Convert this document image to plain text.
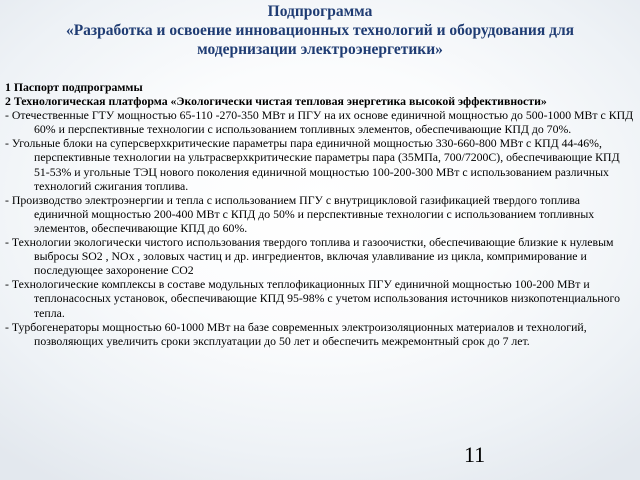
Подпрограмма
«Разработка и освоение инновационных технологий и оборудования для
модернизации электроэнергетики»
1 Паспорт подпрограммы
2 Технологическая платформа «Экологически чистая тепловая энергетика высокой эффективности»
- Отечественные ГТУ мощностью 65-110 -270-350 МВт и ПГУ на их основе единичной мощностью до 500-1000 МВт с КПД 60% и перспективные технологии с использованием топливных элементов, обеспечивающие КПД до 70%.
- Угольные блоки на суперсверхкритические параметры пара единичной мощностью 330-660-800 МВт с КПД 44-46%, перспективные технологии на ультрасверхкритические параметры пара (35МПа, 700/7200С), обеспечивающие КПД 51-53% и угольные ТЭЦ нового поколения единичной мощностью 100-200-300 МВт с использованием различных технологий сжигания топлива.
- Производство электроэнергии и тепла с использованием ПГУ с внутрицикловой газификацией твердого топлива единичной мощностью 200-400 МВт с КПД до 50% и перспективные технологии с использованием топливных элементов, обеспечивающие КПД до 60%.
- Технологии экологически чистого использования твердого топлива и газоочистки, обеспечивающие близкие к нулевым выбросы SO2 , NOx , золовых частиц и др. ингредиентов, включая улавливание из цикла, компримирование и последующее захоронение CO2
- Технологические комплексы в составе модульных теплофикационных ПГУ единичной мощностью 100-200 МВт и теплонасосных установок, обеспечивающие КПД 95-98% с учетом использования источников низкопотенциального тепла.
- Турбогенераторы мощностью 60-1000 МВт на базе современных электроизоляционных материалов и технологий, позволяющих увеличить сроки эксплуатации до 50 лет и обеспечить межремонтный срок до 7 лет.
11
